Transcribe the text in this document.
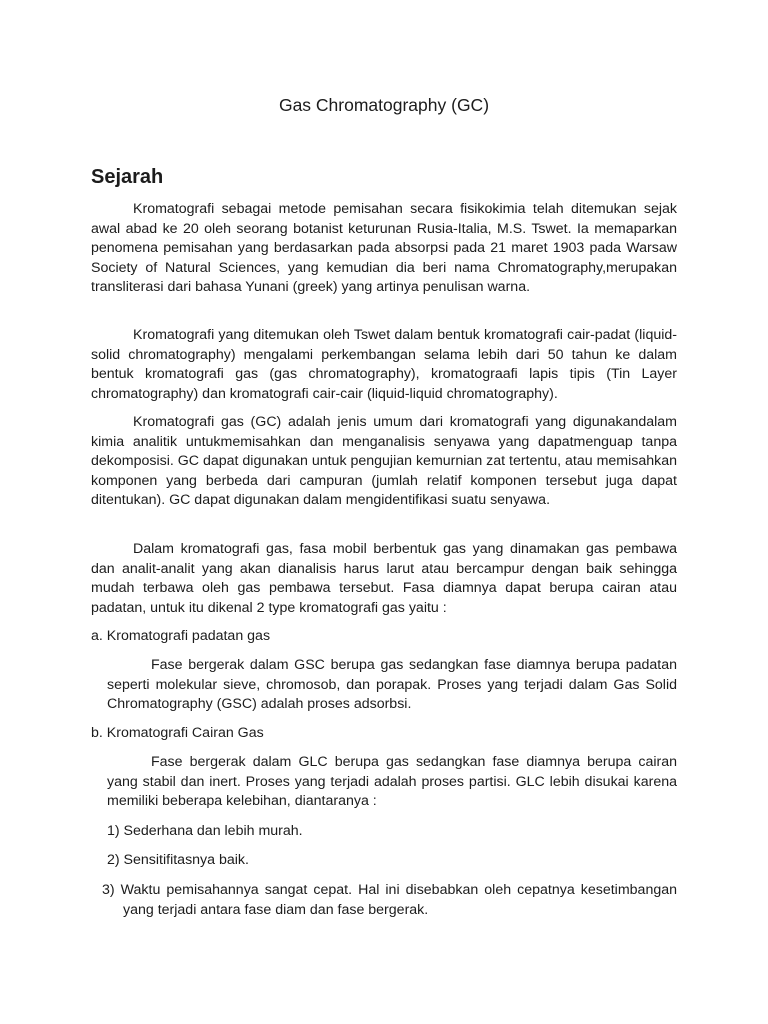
Gas Chromatography (GC)
Sejarah

Kromatografi sebagai metode pemisahan secara fisikokimia telah ditemukan sejak awal abad ke 20 oleh seorang botanist keturunan Rusia-Italia, M.S. Tswet. Ia memaparkan penomena pemisahan yang berdasarkan pada absorpsi pada 21 maret 1903 pada Warsaw Society of Natural Sciences, yang kemudian dia beri nama Chromatography,merupakan transliterasi dari bahasa Yunani (greek) yang artinya penulisan warna.

Kromatografi yang ditemukan oleh Tswet dalam bentuk kromatografi cair-padat (liquid-solid chromatography) mengalami perkembangan selama lebih dari 50 tahun ke dalam bentuk kromatografi gas (gas chromatography), kromatograafi lapis tipis (Tin Layer chromatography) dan kromatografi cair-cair (liquid-liquid chromatography).

Kromatografi gas (GC) adalah jenis umum dari kromatografi yang digunakandalam kimia analitik untukmemisahkan dan menganalisis senyawa yang dapatmenguap tanpa dekomposisi. GC dapat digunakan untuk pengujian kemurnian zat tertentu, atau memisahkan komponen yang berbeda dari campuran (jumlah relatif komponen tersebut juga dapat ditentukan). GC dapat digunakan dalam mengidentifikasi suatu senyawa.

Dalam kromatografi gas, fasa mobil berbentuk gas yang dinamakan gas pembawa dan analit-analit yang akan dianalisis harus larut atau bercampur dengan baik sehingga mudah terbawa oleh gas pembawa tersebut. Fasa diamnya dapat berupa cairan atau padatan, untuk itu dikenal 2 type kromatografi gas yaitu :

a. Kromatografi padatan gas

Fase bergerak dalam GSC berupa gas sedangkan fase diamnya berupa padatan seperti molekular sieve, chromosob, dan porapak. Proses yang terjadi dalam Gas Solid Chromatography (GSC) adalah proses adsorbsi.

b. Kromatografi Cairan Gas

Fase bergerak dalam GLC berupa gas sedangkan fase diamnya berupa cairan yang stabil dan inert. Proses yang terjadi adalah proses partisi. GLC lebih disukai karena memiliki beberapa kelebihan, diantaranya :

1) Sederhana dan lebih murah.
2) Sensitifitasnya baik.

3) Waktu pemisahannya sangat cepat. Hal ini disebabkan oleh cepatnya kesetimbangan yang terjadi antara fase diam dan fase bergerak.
